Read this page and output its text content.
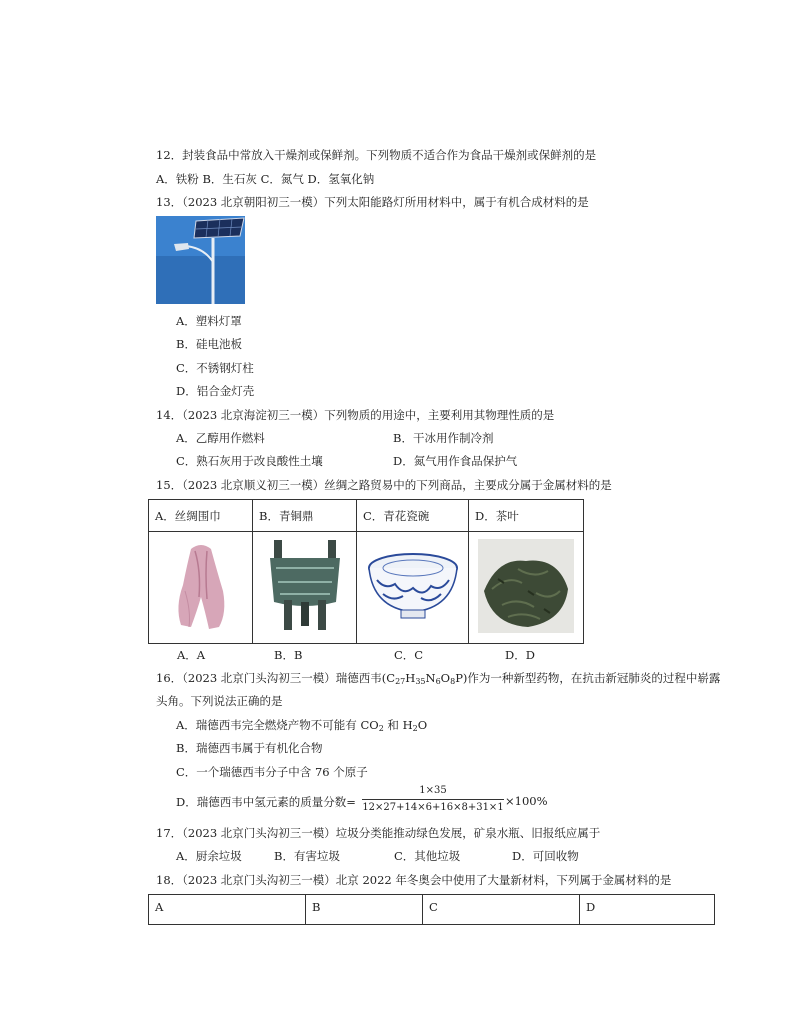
12．封装食品中常放入干燥剂或保鲜剂。下列物质不适合作为食品干燥剂或保鲜剂的是
A．铁粉 B．生石灰 C．氮气 D．氢氧化钠
13．（2023 北京朝阳初三一模）下列太阳能路灯所用材料中，属于有机合成材料的是
A．塑料灯罩
B．硅电池板
C．不锈钢灯柱
D．铝合金灯壳
14．（2023 北京海淀初三一模）下列物质的用途中，主要利用其物理性质的是
A．乙醇用作燃料	B．干冰用作制冷剂
C．熟石灰用于改良酸性土壤	D．氮气用作食品保护气
15．（2023 北京顺义初三一模）丝绸之路贸易中的下列商品，主要成分属于金属材料的是
A．丝绸围巾	B．青铜鼎	C．青花瓷碗	D．茶叶

A．A	B．B	C．C	D．D
16．（2023 北京门头沟初三一模）瑞德西韦$(C_{27}H_{35}N_6O_8P)$作为一种新型药物，在抗击新冠肺炎的过程中崭露
头角。下列说法正确的是
A．瑞德西韦完全燃烧产物不可能有 $CO_2$ 和 $H_2O$
B．瑞德西韦属于有机化合物
C．一个瑞德西韦分子中含 76 个原子
D．瑞德西韦中氢元素的质量分数=
1×35
12×27+14×6+16×8+31×1 ×100%
17．（2023 北京门头沟初三一模）垃圾分类能推动绿色发展，矿泉水瓶、旧报纸应属于
A．厨余垃圾	B．有害垃圾	C．其他垃圾	D．可回收物
18．（2023 北京门头沟初三一模）北京 2022 年冬奥会中使用了大量新材料，下列属于金属材料的是
A	B	C	D
